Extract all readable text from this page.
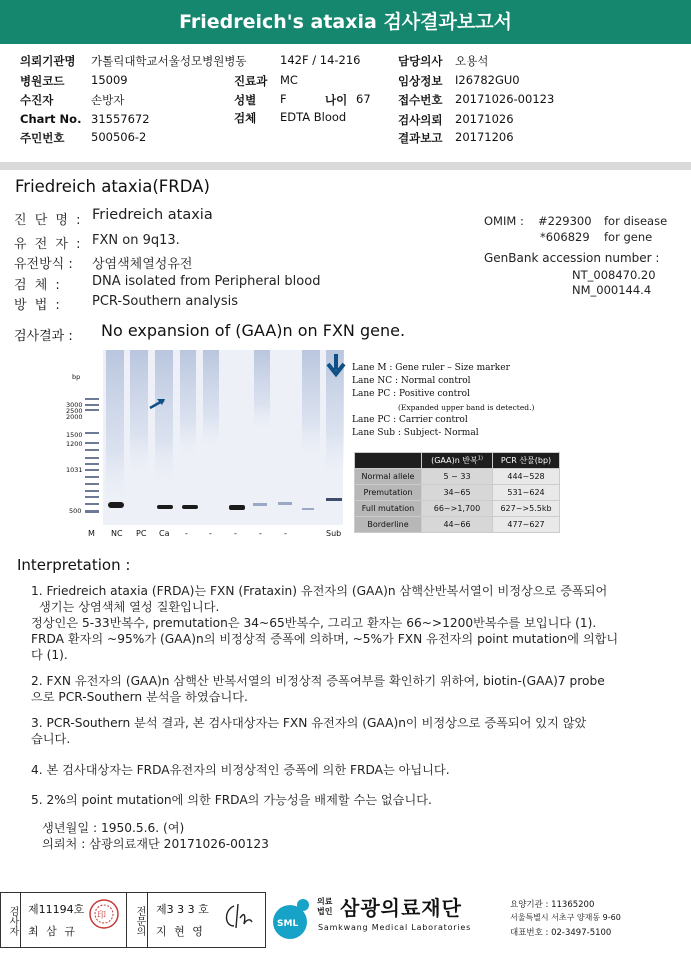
Friedreich's ataxia 검사결과보고서
의뢰기관명 가톨릭대학교서울성모병원병동	142F / 14-216	담당의사 오용석
병원코드 15009	진료과 MC	임상정보 I26782GU0
수진자	손방자	성별 F	나이 67 접수번호 20171026-00123
Chart No. 31557672	검체 EDTA Blood	검사의뢰 20171026
주민번호 500506-2	결과보고 20171206
Friedreich ataxia(FRDA)
진 단 명 : Friedreich ataxia
유 전 자 : FXN on 9q13.
유전방식 : 상염색체열성유전
검 체 : DNA isolated from Peripheral blood
방 법 : PCR-Southern analysis
OMIM : #229300 for disease
*606829 for gene
GenBank accession number :
NT_008470.20
NM_000144.4
검사결과 : No expansion of (GAA)n on FXN gene.
bp
3000
2500
2000
1500
1200
1031
500
M NC PC Ca -	-	-	-	-	Sub
Lane M : Gene ruler – Size marker
Lane NC : Normal control
Lane PC : Positive control
(Expanded upper band is detected.)
Lane PC : Carrier control
Lane Sub : Subject- Normal
	(GAA)n 반복$^{1)}$	PCR 산물(bp)
Normal allele	5 ~ 33	444~528
Premutation	34~65	531~624
Full mutation	66~>1,700	627~>5.5kb
Borderline	44~66	477~627
Interpretation :
1. Friedreich ataxia (FRDA)는 FXN (Frataxin) 유전자의 (GAA)n 삼핵산반복서열이 비정상으로 증폭되어
생기는 상염색체 열성 질환입니다.
정상인은 5-33반복수, premutation은 34~65반복수, 그리고 환자는 66~>1200반복수를 보입니다 (1).
FRDA 환자의 ~95%가 (GAA)n의 비정상적 증폭에 의하며, ~5%가 FXN 유전자의 point mutation에 의합니
다 (1).
2. FXN 유전자의 (GAA)n 삼핵산 반복서열의 비정상적 증폭여부를 확인하기 위하여, biotin-(GAA)7 probe
으로 PCR-Southern 분석을 하였습니다.
3. PCR-Southern 분석 결과, 본 검사대상자는 FXN 유전자의 (GAA)n이 비정상으로 증폭되어 있지 않았
습니다.
4. 본 검사대상자는 FRDA유전자의 비정상적인 증폭에 의한 FRDA는 아닙니다.
5. 2%의 point mutation에 의한 FRDA의 가능성을 배제할 수는 없습니다.
생년월일 : 1950.5.6. (여)
의뢰처 : 삼광의료재단 20171026-00123
검사자 제11194호
최 삼 규
印	전문의 제3 3 3 호
지 현 영
SML
의료
법인 삼광의료재단
Samkwang Medical Laboratories
요양기관 : 11365200
서울특별시 서초구 양재동 9-60
대표번호 : 02-3497-5100
